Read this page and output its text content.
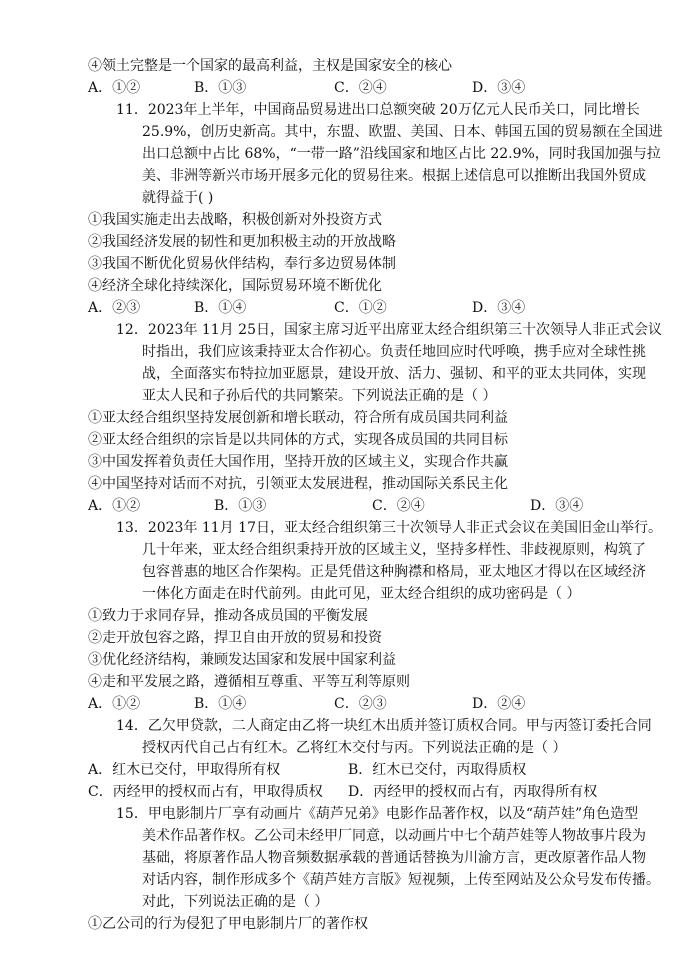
④领土完整是一个国家的最高利益，主权是国家安全的核心
A．①②	B．①③	C．②④	D．③④
11．2023年上半年，中国商品贸易进出口总额突破 20万亿元人民币关口，同比增长
25.9%，创历史新高。其中，东盟、欧盟、美国、日本、韩国五国的贸易额在全国进
出口总额中占比 68%，“一带一路”沿线国家和地区占比 22.9%，同时我国加强与拉
美、非洲等新兴市场开展多元化的贸易往来。根据上述信息可以推断出我国外贸成
就得益于( )
①我国实施走出去战略，积极创新对外投资方式
②我国经济发展的韧性和更加积极主动的开放战略
③我国不断优化贸易伙伴结构，奉行多边贸易体制
④经济全球化持续深化，国际贸易环境不断优化
A．②③	B．①④	C．①②	D．③④
12．2023年 11月 25日，国家主席习近平出席亚太经合组织第三十次领导人非正式会议
时指出，我们应该秉持亚太合作初心。负责任地回应时代呼唤，携手应对全球性挑
战，全面落实布特拉加亚愿景，建设开放、活力、强韧、和平的亚太共同体，实现
亚太人民和子孙后代的共同繁荣。下列说法正确的是（ ）
①亚太经合组织坚持发展创新和增长联动，符合所有成员国共同利益
②亚太经合组织的宗旨是以共同体的方式，实现各成员国的共同目标
③中国发挥着负责任大国作用，坚持开放的区域主义，实现合作共赢
④中国坚持对话而不对抗，引领亚太发展进程，推动国际关系民主化
A．①②	B．①③	C．②④	D．③④
13．2023年 11月 17日，亚太经合组织第三十次领导人非正式会议在美国旧金山举行。
几十年来，亚太经合组织秉持开放的区域主义，坚持多样性、非歧视原则，构筑了
包容普惠的地区合作架构。正是凭借这种胸襟和格局，亚太地区才得以在区域经济
一体化方面走在时代前列。由此可见，亚太经合组织的成功密码是（ ）
①致力于求同存异，推动各成员国的平衡发展
②走开放包容之路，捍卫自由开放的贸易和投资
③优化经济结构，兼顾发达国家和发展中国家利益
④走和平发展之路，遵循相互尊重、平等互利等原则
A．①②	B．①④	C．②③	D．②④
14．乙欠甲贷款，二人商定由乙将一块红木出质并签订质权合同。甲与丙签订委托合同
授权丙代自己占有红木。乙将红木交付与丙。下列说法正确的是（ ）
A．红木已交付，甲取得所有权	B．红木已交付，丙取得质权
C．丙经甲的授权而占有，甲取得质权 D．丙经甲的授权而占有，丙取得所有权
15．甲电影制片厂享有动画片《葫芦兄弟》电影作品著作权，以及“葫芦娃”角色造型
美术作品著作权。乙公司未经甲厂同意，以动画片中七个葫芦娃等人物故事片段为
基础，将原著作品人物音频数据承载的普通话替换为川渝方言，更改原著作品人物
对话内容，制作形成多个《葫芦娃方言版》短视频，上传至网站及公众号发布传播。
对此，下列说法正确的是（ ）
①乙公司的行为侵犯了甲电影制片厂的著作权
